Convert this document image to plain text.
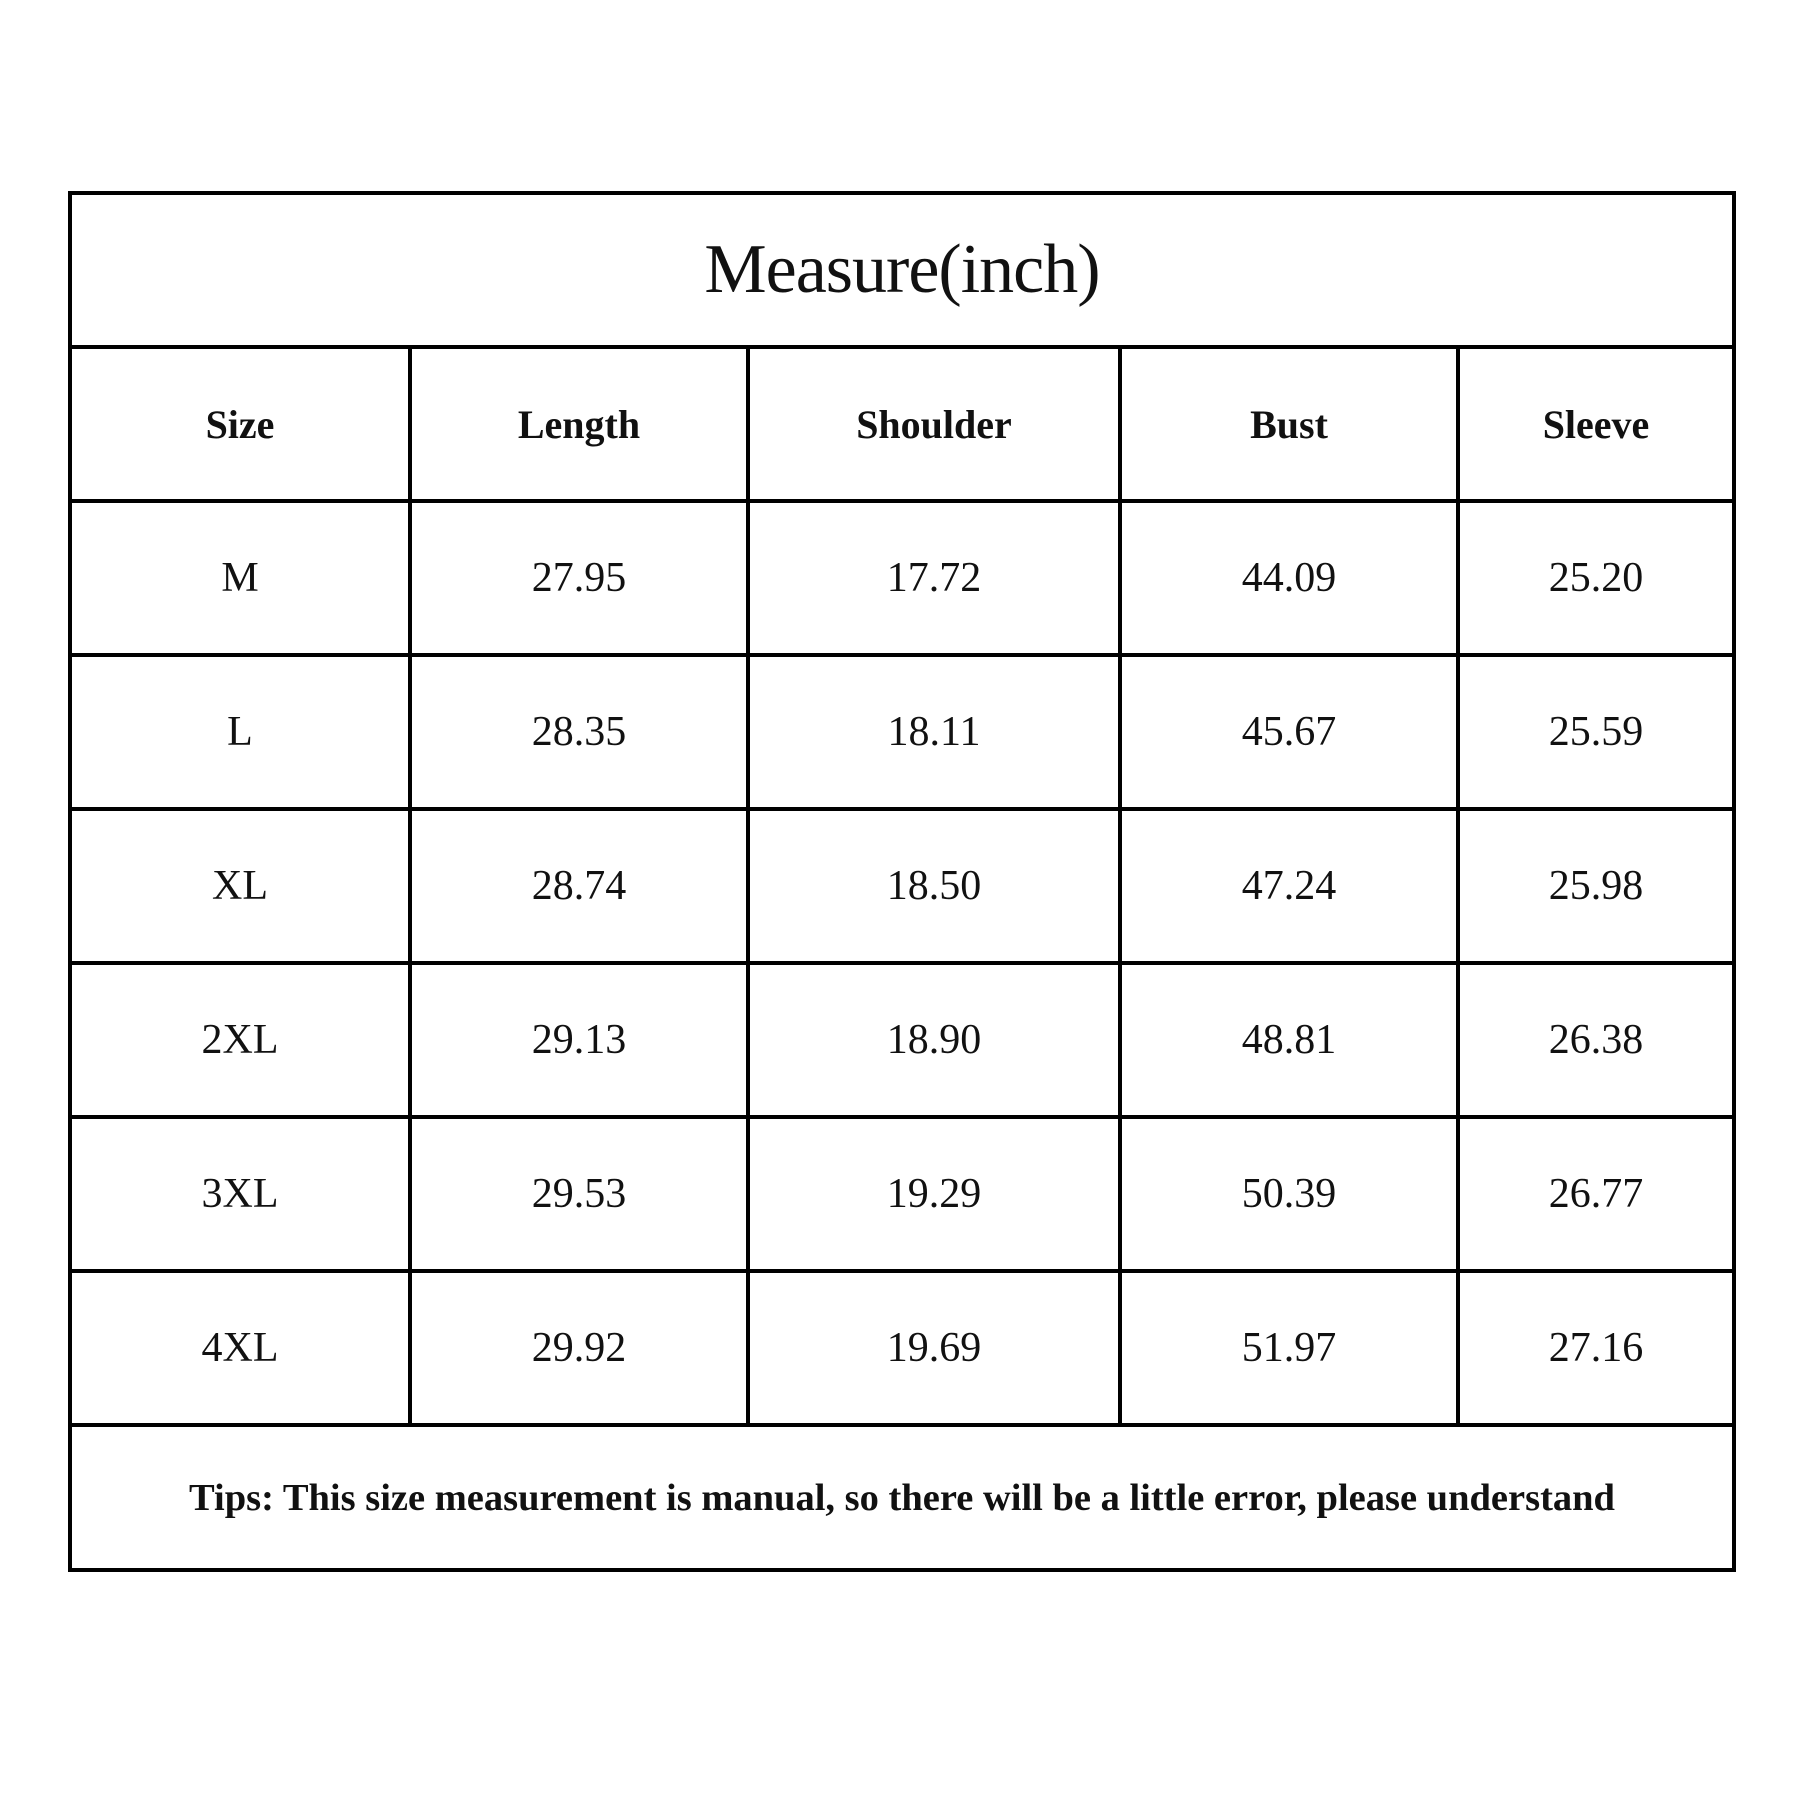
Measure(inch)
Size	Length	Shoulder	Bust	Sleeve
M	27.95	17.72	44.09	25.20
L	28.35	18.11	45.67	25.59
XL	28.74	18.50	47.24	25.98
2XL	29.13	18.90	48.81	26.38
3XL	29.53	19.29	50.39	26.77
4XL	29.92	19.69	51.97	27.16
Tips: This size measurement is manual, so there will be a little error, please understand
